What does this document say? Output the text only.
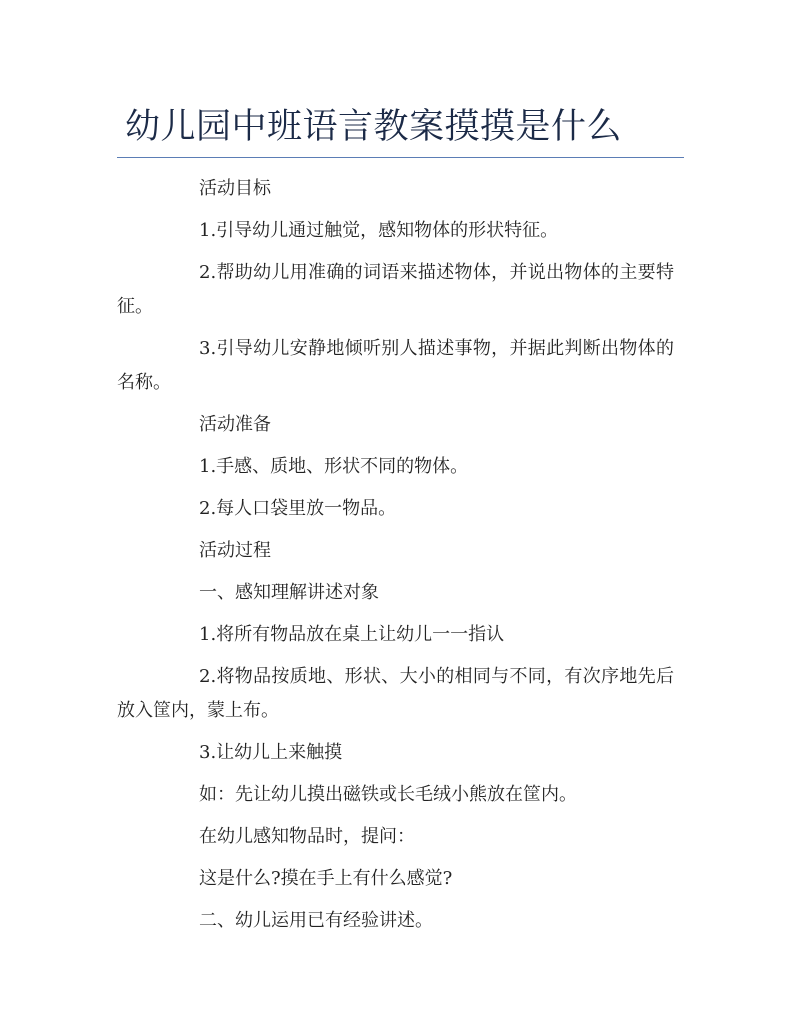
幼儿园中班语言教案摸摸是什么

活动目标

1.引导幼儿通过触觉，感知物体的形状特征。

2.帮助幼儿用准确的词语来描述物体，并说出物体的主要特征。

3.引导幼儿安静地倾听别人描述事物，并据此判断出物体的名称。

活动准备

1.手感、质地、形状不同的物体。

2.每人口袋里放一物品。

活动过程

一、感知理解讲述对象

1.将所有物品放在桌上让幼儿一一指认

2.将物品按质地、形状、大小的相同与不同，有次序地先后放入筐内，蒙上布。

3.让幼儿上来触摸

如：先让幼儿摸出磁铁或长毛绒小熊放在筐内。

在幼儿感知物品时，提问：

这是什么?摸在手上有什么感觉?

二、幼儿运用已有经验讲述。
